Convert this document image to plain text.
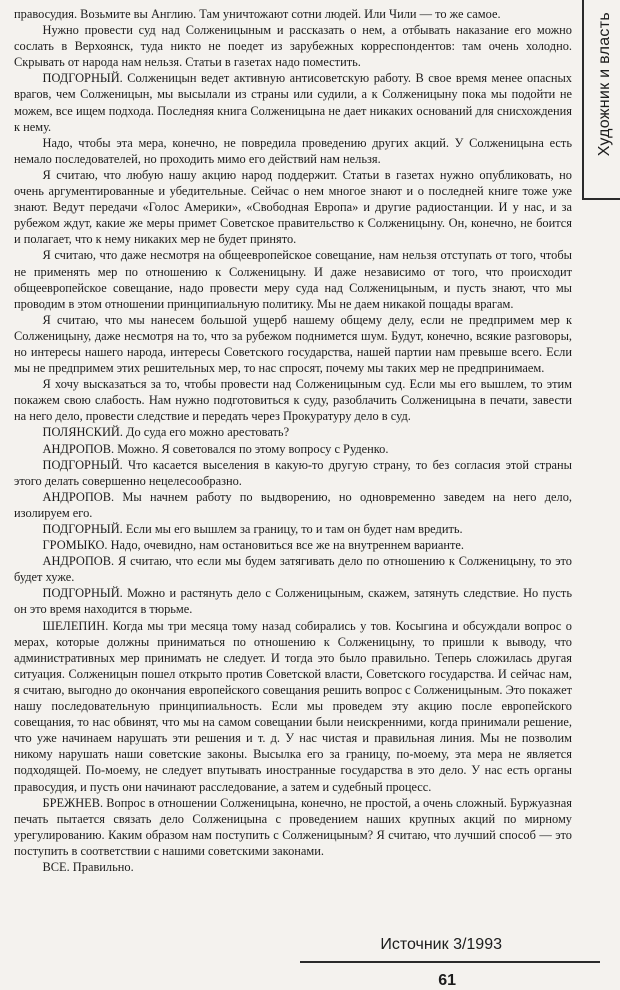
правосудия. Возьмите вы Англию. Там уничтожают сотни людей. Или Чили — то же самое.

Нужно провести суд над Солженицыным и рассказать о нем, а отбывать наказание его можно сослать в Верхоянск, туда никто не поедет из зарубежных корреспондентов: там очень холодно. Скрывать от народа нам нельзя. Статьи в газетах надо поместить.

ПОДГОРНЫЙ. Солженицын ведет активную антисоветскую работу. В свое время менее опасных врагов, чем Солженицын, мы высылали из страны или судили, а к Солженицыну пока мы подойти не можем, все ищем подхода. Последняя книга Солженицына не дает никаких оснований для снисхождения к нему.

Надо, чтобы эта мера, конечно, не повредила проведению других акций. У Солженицына есть немало последователей, но проходить мимо его действий нам нельзя.

Я считаю, что любую нашу акцию народ поддержит. Статьи в газетах нужно опубликовать, но очень аргументированные и убедительные. Сейчас о нем многое знают и о последней книге тоже уже знают. Ведут передачи «Голос Америки», «Свободная Европа» и другие радиостанции. И у нас, и за рубежом ждут, какие же меры примет Советское правительство к Солженицыну. Он, конечно, не боится и полагает, что к нему никаких мер не будет принято.

Я считаю, что даже несмотря на общеевропейское совещание, нам нельзя отступать от того, чтобы не применять мер по отношению к Солженицыну. И даже независимо от того, что происходит общеевропейское совещание, надо провести меру суда над Солженицыным, и пусть знают, что мы проводим в этом отношении принципиальную политику. Мы не даем никакой пощады врагам.

Я считаю, что мы нанесем большой ущерб нашему общему делу, если не предпримем мер к Солженицыну, даже несмотря на то, что за рубежом поднимется шум. Будут, конечно, всякие разговоры, но интересы нашего народа, интересы Советского государства, нашей партии нам превыше всего. Если мы не предпримем этих решительных мер, то нас спросят, почему мы таких мер не предпринимаем.

Я хочу высказаться за то, чтобы провести над Солженицыным суд. Если мы его вышлем, то этим покажем свою слабость. Нам нужно подготовиться к суду, разоблачить Солженицына в печати, завести на него дело, провести следствие и передать через Прокуратуру дело в суд.

ПОЛЯНСКИЙ. До суда его можно арестовать?

АНДРОПОВ. Можно. Я советовался по этому вопросу с Руденко.

ПОДГОРНЫЙ. Что касается выселения в какую-то другую страну, то без согласия этой страны этого делать совершенно нецелесообразно.

АНДРОПОВ. Мы начнем работу по выдворению, но одновременно заведем на него дело, изолируем его.

ПОДГОРНЫЙ. Если мы его вышлем за границу, то и там он будет нам вредить.

ГРОМЫКО. Надо, очевидно, нам остановиться все же на внутреннем варианте.

АНДРОПОВ. Я считаю, что если мы будем затягивать дело по отношению к Солженицыну, то это будет хуже.

ПОДГОРНЫЙ. Можно и растянуть дело с Солженицыным, скажем, затянуть следствие. Но пусть он это время находится в тюрьме.

ШЕЛЕПИН. Когда мы три месяца тому назад собирались у тов. Косыгина и обсуждали вопрос о мерах, которые должны приниматься по отношению к Солженицыну, то пришли к выводу, что административных мер принимать не следует. И тогда это было правильно. Теперь сложилась другая ситуация. Солженицын пошел открыто против Советской власти, Советского государства. И сейчас нам, я считаю, выгодно до окончания европейского совещания решить вопрос с Солженицыным. Это покажет нашу последовательную принципиальность. Если мы проведем эту акцию после европейского совещания, то нас обвинят, что мы на самом совещании были неискренними, когда принимали решение, что уже начинаем нарушать эти решения и т. д. У нас чистая и правильная линия. Мы не позволим никому нарушать наши советские законы. Высылка его за границу, по-моему, эта мера не является подходящей. По-моему, не следует впутывать иностранные государства в это дело. У нас есть органы правосудия, и пусть они начинают расследование, а затем и судебный процесс.

БРЕЖНЕВ. Вопрос в отношении Солженицына, конечно, не простой, а очень сложный. Буржуазная печать пытается связать дело Солженицына с проведением наших крупных акций по мирному урегулированию. Каким образом нам поступить с Солженицыным? Я считаю, что лучший способ — это поступить в соответствии с нашими советскими законами.

ВСЕ. Правильно.

Художник и власть
Источник 3/1993
61
